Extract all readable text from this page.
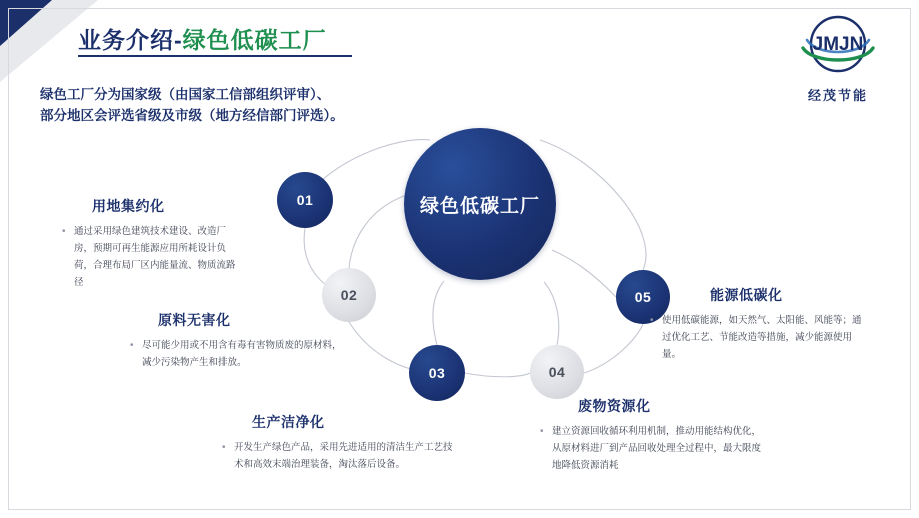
业务介绍-绿色低碳工厂	JMJN
经茂节能
绿色工厂分为国家级（由国家工信部组织评审）、
部分地区会评选省级及市级（地方经信部门评选）。
绿色低碳工厂
01
02
03	04
05
用地集约化
• 通过采用绿色建筑技术建设、改造厂房，预期可再生能源应用所耗设计负荷，合理布局厂区内能量流、物质流路径
原料无害化
• 尽可能少用或不用含有毒有害物质废的原材料，减少污染物产生和排放。
生产洁净化
• 开发生产绿色产品，采用先进适用的清洁生产工艺技术和高效末端治理装备，淘汰落后设备。
废物资源化
• 建立资源回收循环利用机制，推动用能结构优化，从原材料进厂到产品回收处理全过程中，最大限度地降低资源消耗
能源低碳化
• 使用低碳能源，如天然气、太阳能、风能等；通过优化工艺、节能改造等措施，减少能源使用量。
